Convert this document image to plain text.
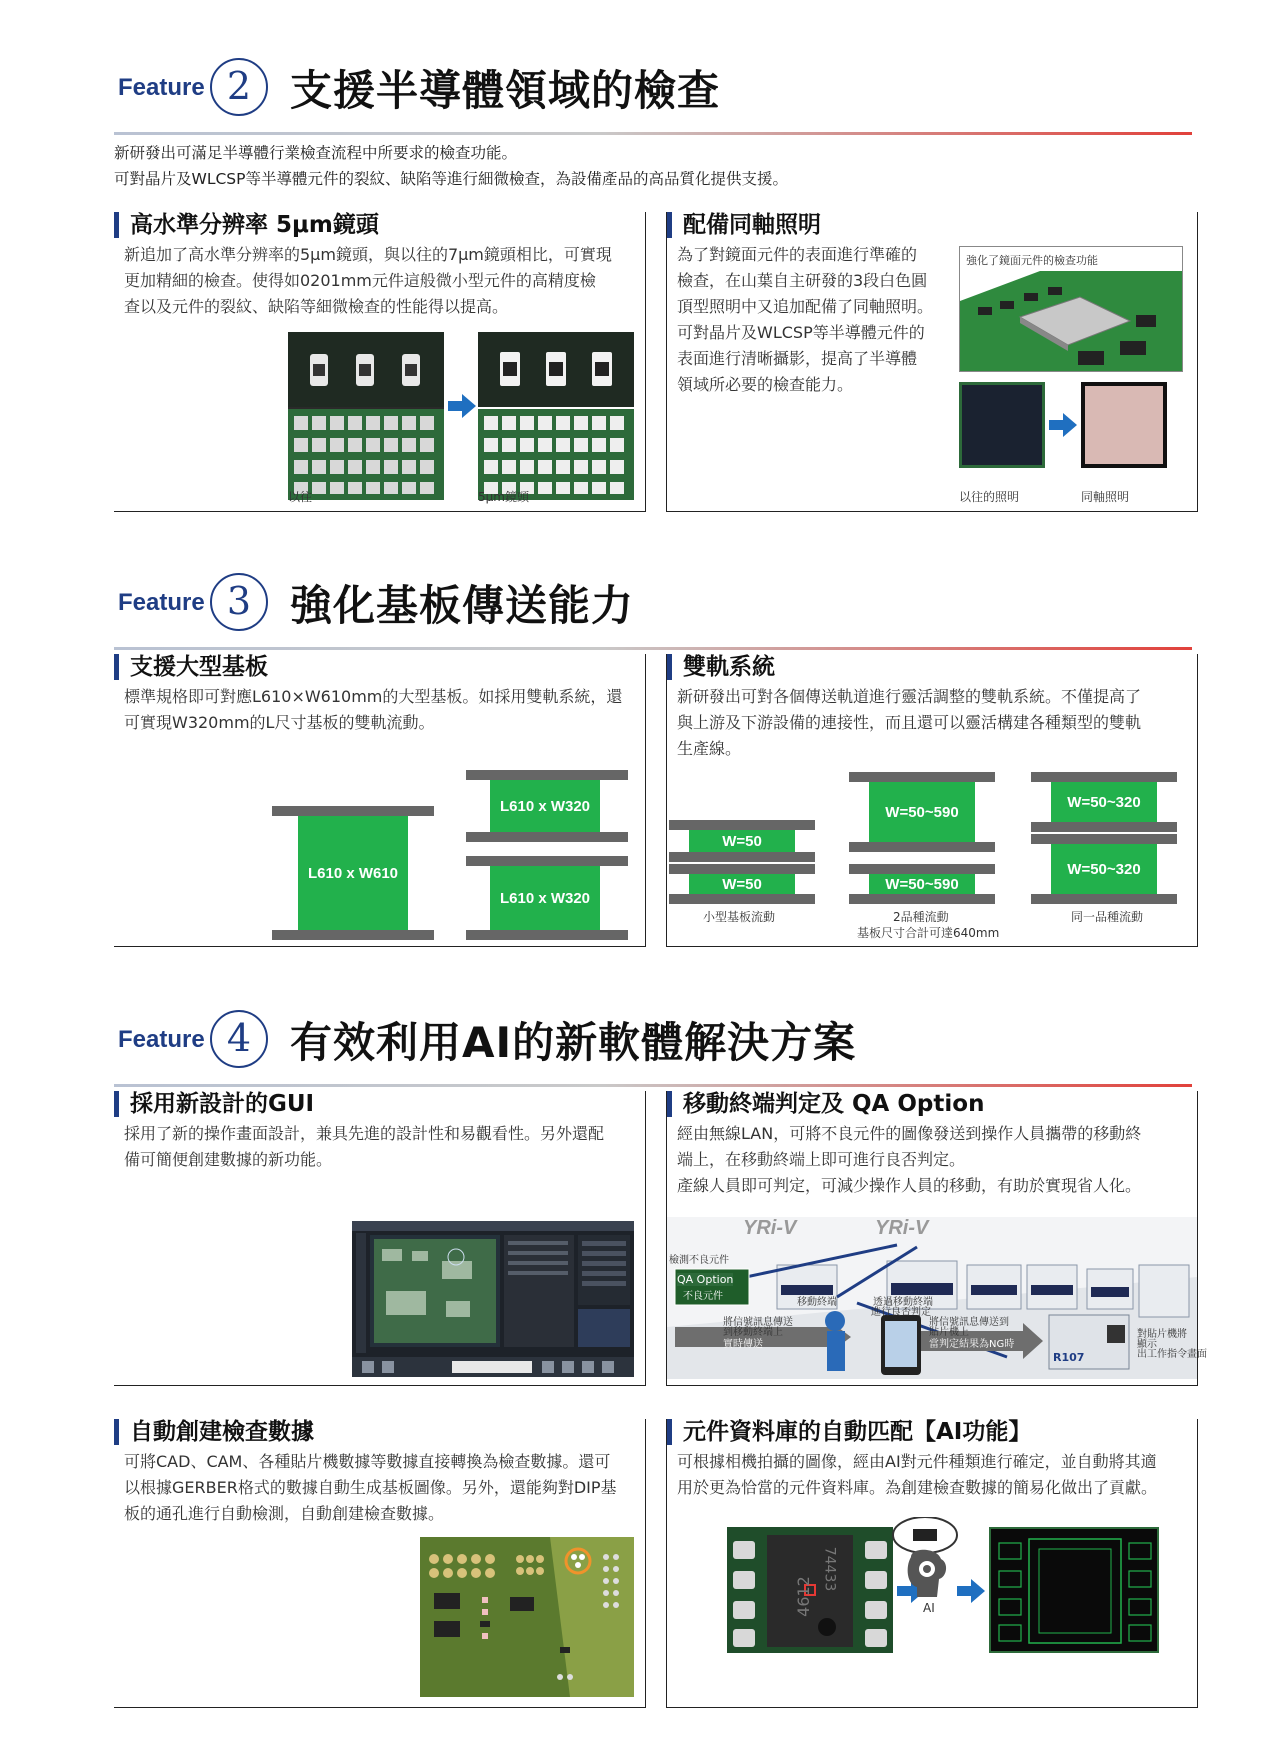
Feature 2 支援半導體領域的檢查
新研發出可滿足半導體行業檢查流程中所要求的檢查功能。
可對晶片及WLCSP等半導體元件的裂紋、缺陷等進行細微檢查，為設備產品的高品質化提供支援。
高水準分辨率 5μm鏡頭
新追加了高水準分辨率的5μm鏡頭，與以往的7μm鏡頭相比，可實現
更加精細的檢查。使得如0201mm元件這般微小型元件的高精度檢
查以及元件的裂紋、缺陷等細微檢查的性能得以提高。
以往	5μm鏡頭
配備同軸照明
為了對鏡面元件的表面進行準確的
檢查，在山葉自主研發的3段白色圓
頂型照明中又追加配備了同軸照明。
可對晶片及WLCSP等半導體元件的
表面進行清晰攝影，提高了半導體
領域所必要的檢查能力。
強化了鏡面元件的檢查功能
以往的照明	同軸照明
Feature 3 強化基板傳送能力
支援大型基板
標準規格即可對應L610×W610mm的大型基板。如採用雙軌系統，還
可實現W320mm的L尺寸基板的雙軌流動。
L610 x W610
L610 x W320
L610 x W320
雙軌系統
新研發出可對各個傳送軌道進行靈活調整的雙軌系統。不僅提高了
與上游及下游設備的連接性，而且還可以靈活構建各種類型的雙軌
生產線。
W=50
W=50
小型基板流動
W=50~590
W=50~590
2品種流動
基板尺寸合計可達640mm
W=50~320
W=50~320
同一品種流動
Feature 4 有效利用AI的新軟體解決方案
採用新設計的GUI
採用了新的操作畫面設計，兼具先進的設計性和易觀看性。另外還配
備可簡便創建數據的新功能。
移動終端判定及 QA Option
經由無線LAN，可將不良元件的圖像發送到操作人員攜帶的移動終
端上，在移動終端上即可進行良否判定。
產線人員即可判定，可減少操作人員的移動，有助於實現省人化。
YRi-V	YRi-V
檢測不良元件
QA Option
不良元件
移動終端
將信號訊息傳送
到移動終端上
實時傳送
透過移動終端
進行良否判定
將信號訊息傳送到
貼片機上
當判定結果為NG時
對貼片機將
顯示
出工作指令畫面
R107
自動創建檢查數據
可將CAD、CAM、各種貼片機數據等數據直接轉換為檢查數據。還可
以根據GERBER格式的數據自動生成基板圖像。另外，還能夠對DIP基
板的通孔進行自動檢測，自動創建檢查數據。
元件資料庫的自動匹配【AI功能】
可根據相機拍攝的圖像，經由AI對元件種類進行確定，並自動將其適
用於更為恰當的元件資料庫。為創建檢查數據的簡易化做出了貢獻。
4612
74433
AI
